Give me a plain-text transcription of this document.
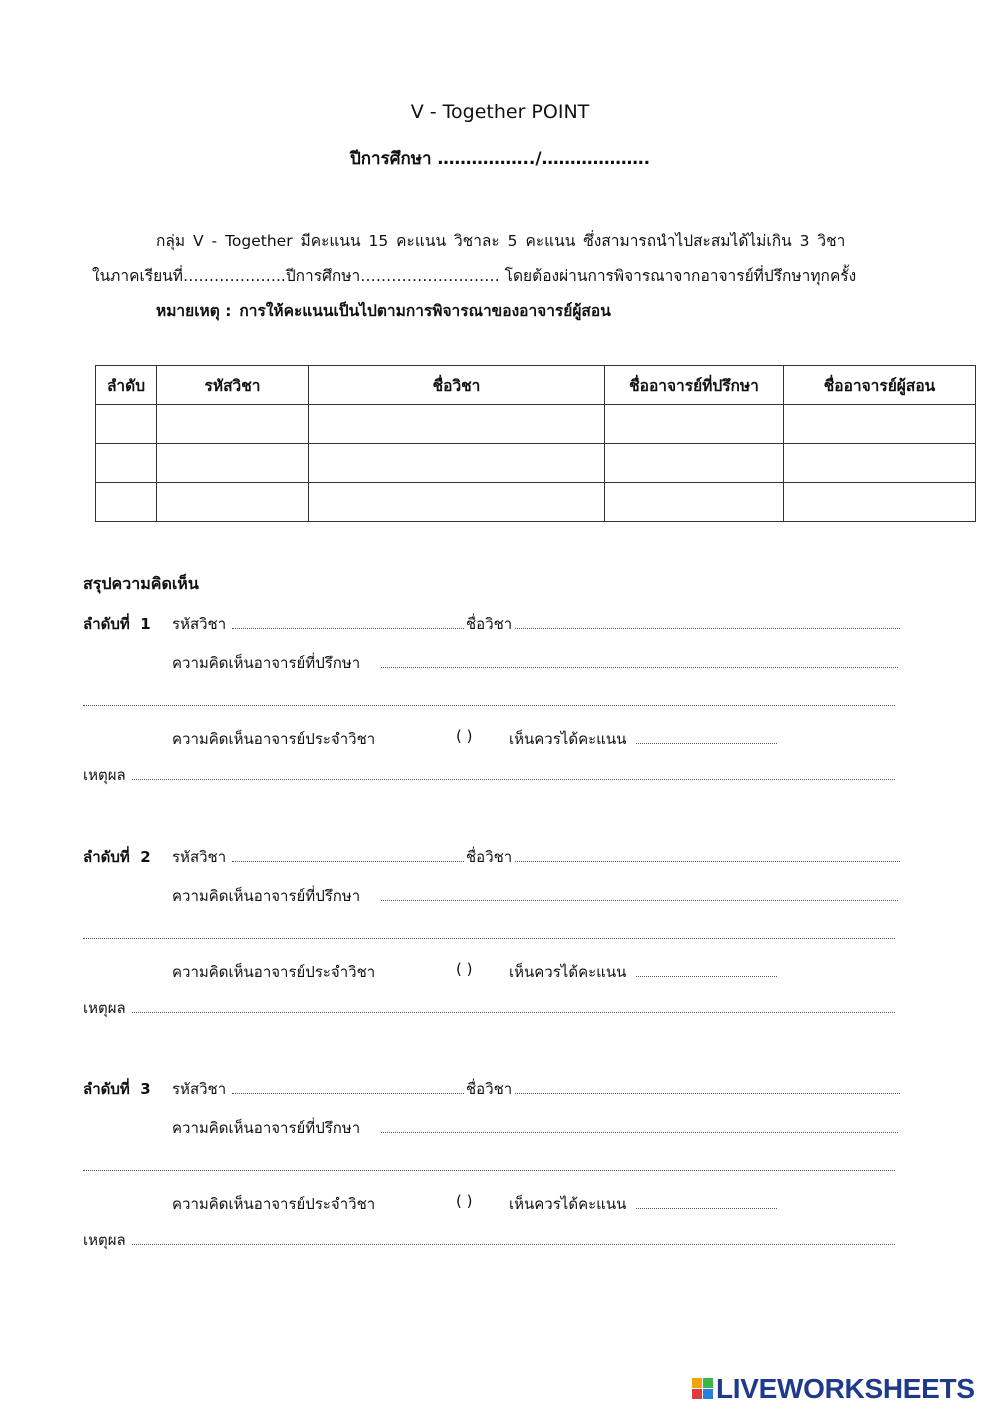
V - Together POINT
ปีการศึกษา ……………../……………….
กลุ่ม V - Together มีคะแนน 15 คะแนน วิชาละ 5 คะแนน ซึ่งสามารถนำไปสะสมได้ไม่เกิน 3 วิชา
ในภาคเรียนที่………………..ปีการศึกษา……………………… โดยต้องผ่านการพิจารณาจากอาจารย์ที่ปรึกษาทุกครั้ง
หมายเหตุ : การให้คะแนนเป็นไปตามการพิจารณาของอาจารย์ผู้สอน
ลำดับ	รหัสวิชา	ชื่อวิชา	ชื่ออาจารย์ที่ปรึกษา	ชื่ออาจารย์ผู้สอน

สรุปความคิดเห็น
ลำดับที่ 1 รหัสวิชา	ชื่อวิชา
ความคิดเห็นอาจารย์ที่ปรึกษา
ความคิดเห็นอาจารย์ประจำวิชา	( ) เห็นควรได้คะแนน
เหตุผล
ลำดับที่ 2 รหัสวิชา	ชื่อวิชา
ความคิดเห็นอาจารย์ที่ปรึกษา
ความคิดเห็นอาจารย์ประจำวิชา	( ) เห็นควรได้คะแนน
เหตุผล
ลำดับที่ 3 รหัสวิชา	ชื่อวิชา
ความคิดเห็นอาจารย์ที่ปรึกษา
ความคิดเห็นอาจารย์ประจำวิชา	( ) เห็นควรได้คะแนน
เหตุผล
LIVEWORKSHEETS
